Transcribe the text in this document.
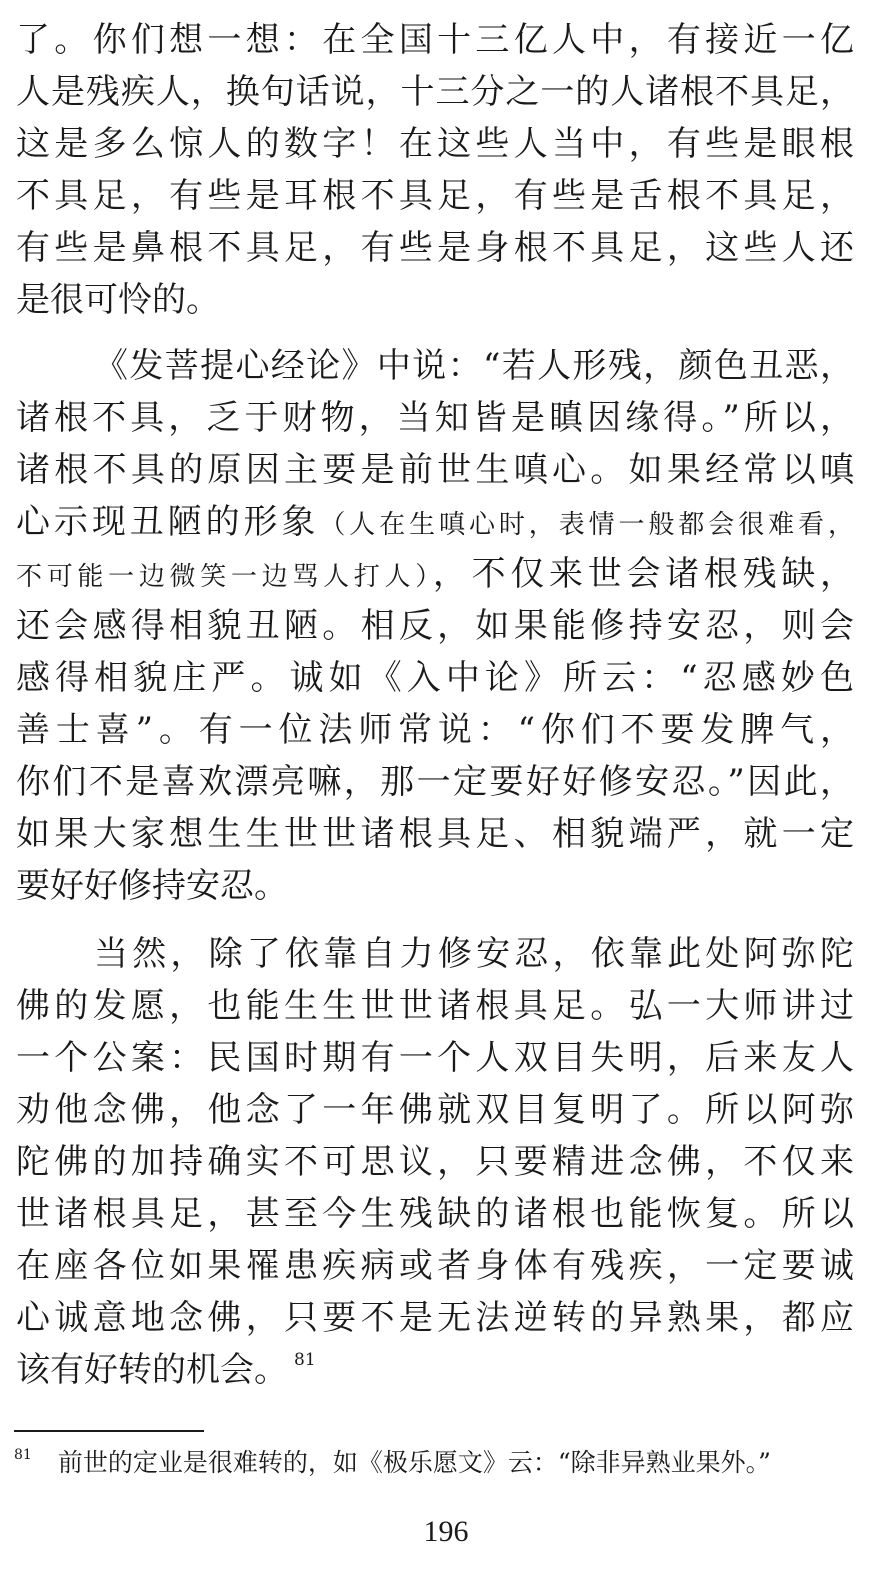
了。你们想一想：在全国十三亿人中，有接近一亿
人是残疾人，换句话说，十三分之一的人诸根不具足，
这是多么惊人的数字！在这些人当中，有些是眼根
不具足，有些是耳根不具足，有些是舌根不具足，
有些是鼻根不具足，有些是身根不具足，这些人还
是很可怜的。
《发菩提心经论》中说：“若人形残，颜色丑恶，
诸根不具，乏于财物，当知皆是瞋因缘得。”所以，
诸根不具的原因主要是前世生嗔心。如果经常以嗔
心示现丑陋的形象（人在生嗔心时，表情一般都会很难看，
不可能一边微笑一边骂人打人），不仅来世会诸根残缺，
还会感得相貌丑陋。相反，如果能修持安忍，则会
感得相貌庄严。诚如《入中论》所云：“忍感妙色
善士喜”。有一位法师常说：“你们不要发脾气，
你们不是喜欢漂亮嘛，那一定要好好修安忍。”因此，
如果大家想生生世世诸根具足、相貌端严，就一定
要好好修持安忍。
当然，除了依靠自力修安忍，依靠此处阿弥陀
佛的发愿，也能生生世世诸根具足。弘一大师讲过
一个公案：民国时期有一个人双目失明，后来友人
劝他念佛，他念了一年佛就双目复明了。所以阿弥
陀佛的加持确实不可思议，只要精进念佛，不仅来
世诸根具足，甚至今生残缺的诸根也能恢复。所以
在座各位如果罹患疾病或者身体有残疾，一定要诚
心诚意地念佛，只要不是无法逆转的异熟果，都应
该有好转的机会。 $^{81}$
$^{81}$ 前世的定业是很难转的，如《极乐愿文》云：“除非异熟业果外。”
196
